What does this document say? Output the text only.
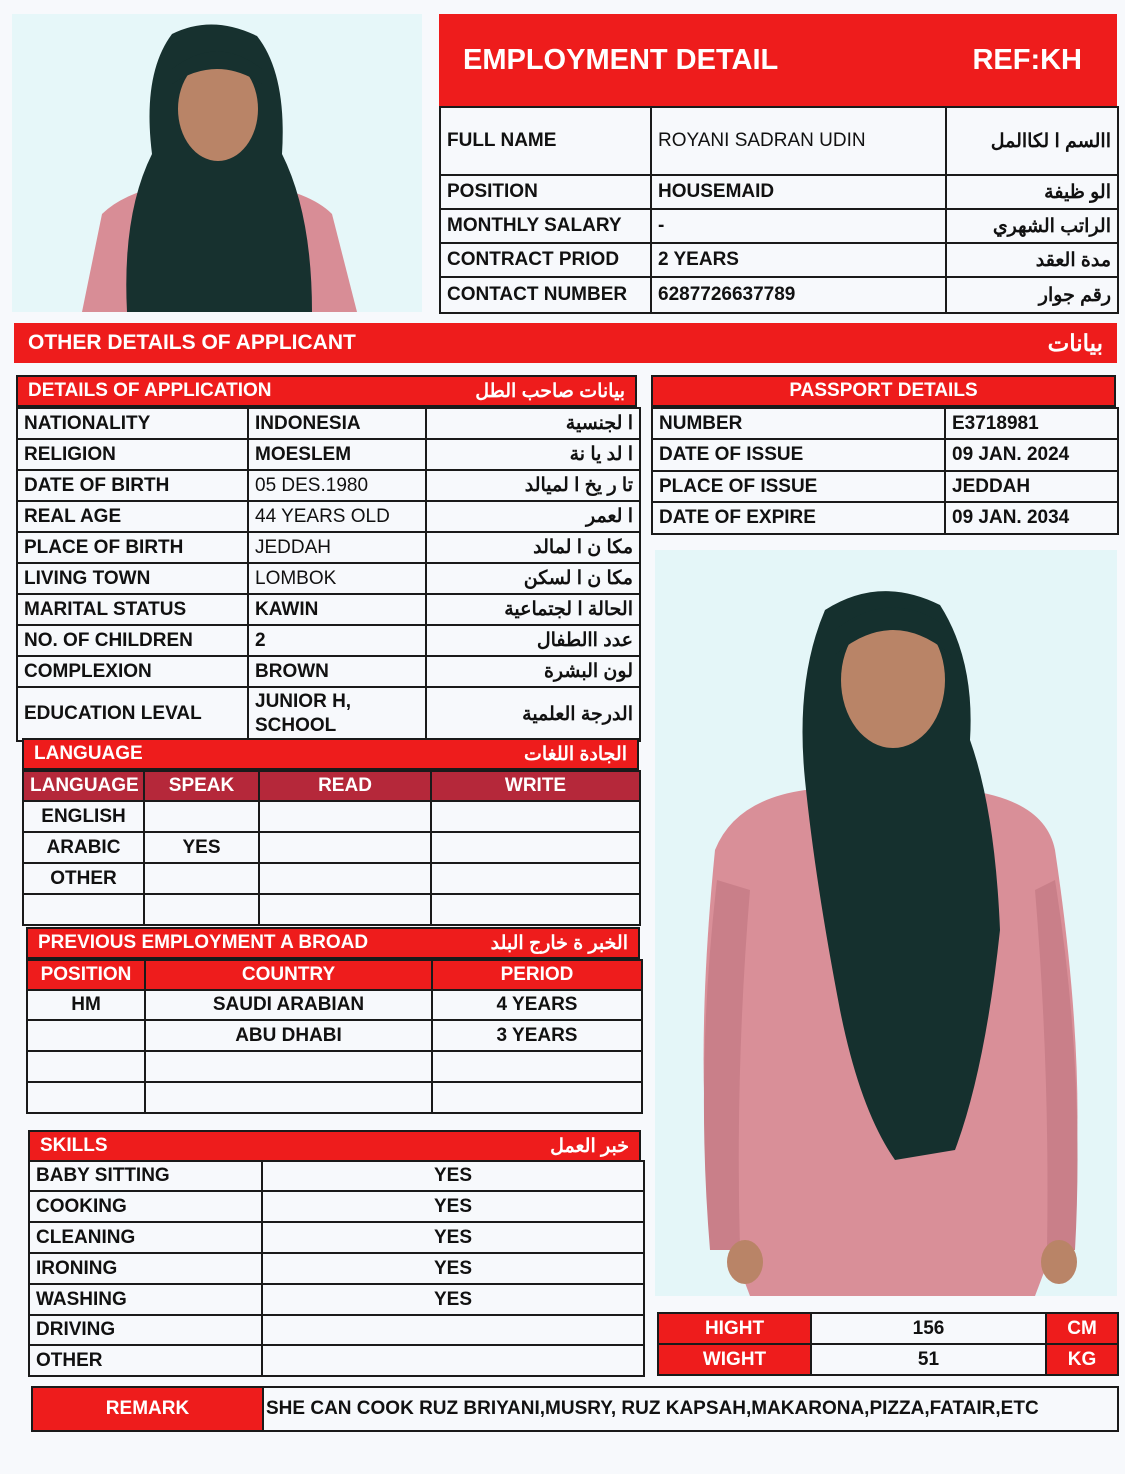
EMPLOYMENT DETAIL	REF:KH
FULL NAME	ROYANI SADRAN UDIN	االسم ا لكاالمل
POSITION	HOUSEMAID	الو ظيفة
MONTHLY SALARY	-	الراتب الشهري
CONTRACT PRIOD	2 YEARS	مدة العقد
CONTACT NUMBER	6287726637789	رقم جوار
OTHER DETAILS OF APPLICANT	بيانات
DETAILS OF APPLICATION	بيانات صاحب الطل
NATIONALITY	INDONESIA	ا لجنسية
RELIGION	MOESLEM	ا لد يا نة
DATE OF BIRTH	05 DES.1980	تا ر يخ ا لميالد
REAL AGE	44 YEARS OLD	ا لعمر
PLACE OF BIRTH	JEDDAH	مكا ن ا لمالد
LIVING TOWN	LOMBOK	مكا ن ا لسكن
MARITAL STATUS	KAWIN	الحالة ا لجتماعية
NO. OF CHILDREN	2	عدد االطفال
COMPLEXION	BROWN	لون البشرة
EDUCATION LEVAL	JUNIOR H, SCHOOL	الدرجة العلمية
LANGUAGE	الجادة اللغات
LANGUAGE	SPEAK	READ	WRITE
ENGLISH			
ARABIC	YES		
OTHER			

PREVIOUS EMPLOYMENT A BROAD	الخبر ة خارج البلد
POSITION	COUNTRY	PERIOD
HM	SAUDI ARABIAN	4 YEARS
	ABU DHABI	3 YEARS

SKILLS	خبر العمل
BABY SITTING	YES
COOKING	YES
CLEANING	YES
IRONING	YES
WASHING	YES
DRIVING	
OTHER	
PASSPORT DETAILS
NUMBER	E3718981
DATE OF ISSUE	09 JAN. 2024
PLACE OF ISSUE	JEDDAH
DATE OF EXPIRE	09 JAN. 2034
HIGHT	156	CM
WIGHT	51	KG
REMARK	SHE CAN COOK RUZ BRIYANI,MUSRY, RUZ KAPSAH,MAKARONA,PIZZA,FATAIR,ETC
